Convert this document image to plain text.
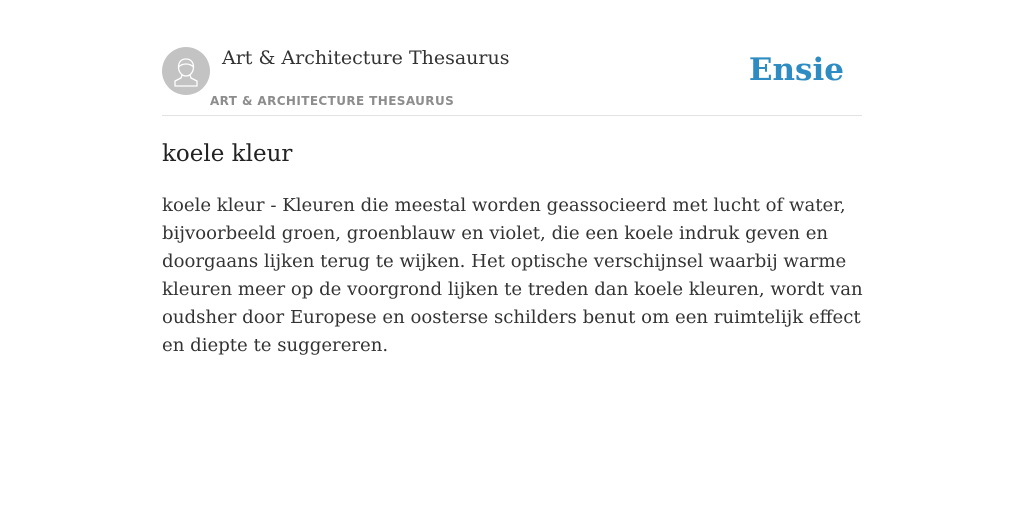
Art & Architecture Thesaurus
ART & ARCHITECTURE THESAURUS
Ensie
koele kleur

koele kleur - Kleuren die meestal worden geassocieerd met lucht of water, bijvoorbeeld groen, groenblauw en violet, die een koele indruk geven en doorgaans lijken terug te wijken. Het optische verschijnsel waarbij warme kleuren meer op de voorgrond lijken te treden dan koele kleuren, wordt van oudsher door Europese en oosterse schilders benut om een ruimtelijk effect en diepte te suggereren.
